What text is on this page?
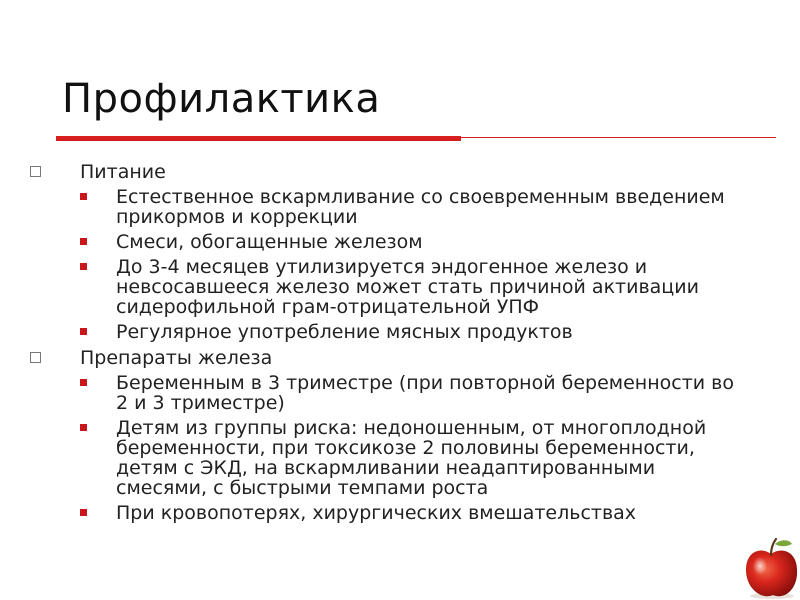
Профилактика
Питание
Естественное вскармливание со своевременным введением прикормов и коррекции
Смеси, обогащенные железом
До 3-4 месяцев утилизируется эндогенное железо и невсосавшееся железо может стать причиной активации сидерофильной грам-отрицательной УПФ
Регулярное употребление мясных продуктов
Препараты железа
Беременным в 3 триместре (при повторной беременности во 2 и 3 триместре)
Детям из группы риска: недоношенным, от многоплодной беременности, при токсикозе 2 половины беременности, детям с ЭКД, на вскармливании неадаптированными смесями, с быстрыми темпами роста
При кровопотерях, хирургических вмешательствах
